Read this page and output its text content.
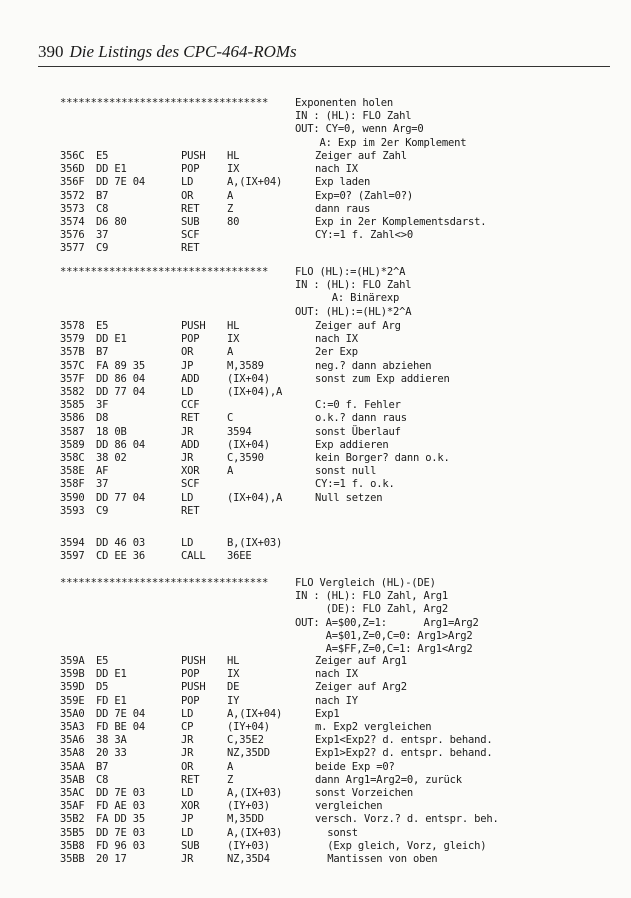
390 Die Listings des CPC-464-ROMs
**********************************	Exponenten holen
IN : (HL): FLO Zahl
OUT: CY=0, wenn Arg=0
A: Exp im 2er Komplement
356C E5	PUSH HL	Zeiger auf Zahl
356D DD E1	POP	IX	nach IX
356F DD 7E 04	LD	A,(IX+04)	Exp laden
3572 B7	OR	A	Exp=0? (Zahl=0?)
3573 C8	RET	Z	dann raus
3574 D6 80	SUB	80	Exp in 2er Komplementsdarst.
3576 37	SCF	CY:=1 f. Zahl<>0
3577 C9	RET
**********************************	FLO (HL):=(HL)*2^A
IN : (HL): FLO Zahl
A: Binärexp
OUT: (HL):=(HL)*2^A
3578 E5	PUSH HL	Zeiger auf Arg
3579 DD E1	POP	IX	nach IX
357B B7	OR	A	2er Exp
357C FA 89 35	JP	M,3589	neg.? dann abziehen
357F DD 86 04	ADD	(IX+04)	sonst zum Exp addieren
3582 DD 77 04	LD	(IX+04),A
3585 3F	CCF	C:=0 f. Fehler
3586 D8	RET	C	o.k.? dann raus
3587 18 0B	JR	3594	sonst Überlauf
3589 DD 86 04	ADD	(IX+04)	Exp addieren
358C 38 02	JR	C,3590	kein Borger? dann o.k.
358E AF	XOR	A	sonst null
358F 37	SCF	CY:=1 f. o.k.
3590 DD 77 04	LD	(IX+04),A	Null setzen
3593 C9	RET
3594 DD 46 03	LD	B,(IX+03)
3597 CD EE 36	CALL 36EE
**********************************	FLO Vergleich (HL)-(DE)
IN : (HL): FLO Zahl, Arg1
(DE): FLO Zahl, Arg2
OUT: A=$00,Z=1:      Arg1=Arg2
A=$01,Z=0,C=0: Arg1>Arg2
A=$FF,Z=0,C=1: Arg1<Arg2
359A E5	PUSH HL	Zeiger auf Arg1
359B DD E1	POP	IX	nach IX
359D D5	PUSH DE	Zeiger auf Arg2
359E FD E1	POP	IY	nach IY
35A0 DD 7E 04	LD	A,(IX+04)	Exp1
35A3 FD BE 04	CP	(IY+04)	m. Exp2 vergleichen
35A6 38 3A	JR	C,35E2	Exp1<Exp2? d. entspr. behand.
35A8 20 33	JR	NZ,35DD	Exp1>Exp2? d. entspr. behand.
35AA B7	OR	A	beide Exp =0?
35AB C8	RET	Z	dann Arg1=Arg2=0, zurück
35AC DD 7E 03	LD	A,(IX+03)	sonst Vorzeichen
35AF FD AE 03	XOR	(IY+03)	vergleichen
35B2 FA DD 35	JP	M,35DD	versch. Vorz.? d. entspr. beh.
35B5 DD 7E 03	LD	A,(IX+03)	sonst
35B8 FD 96 03	SUB	(IY+03)	(Exp gleich, Vorz, gleich)
35BB 20 17	JR	NZ,35D4	Mantissen von oben
